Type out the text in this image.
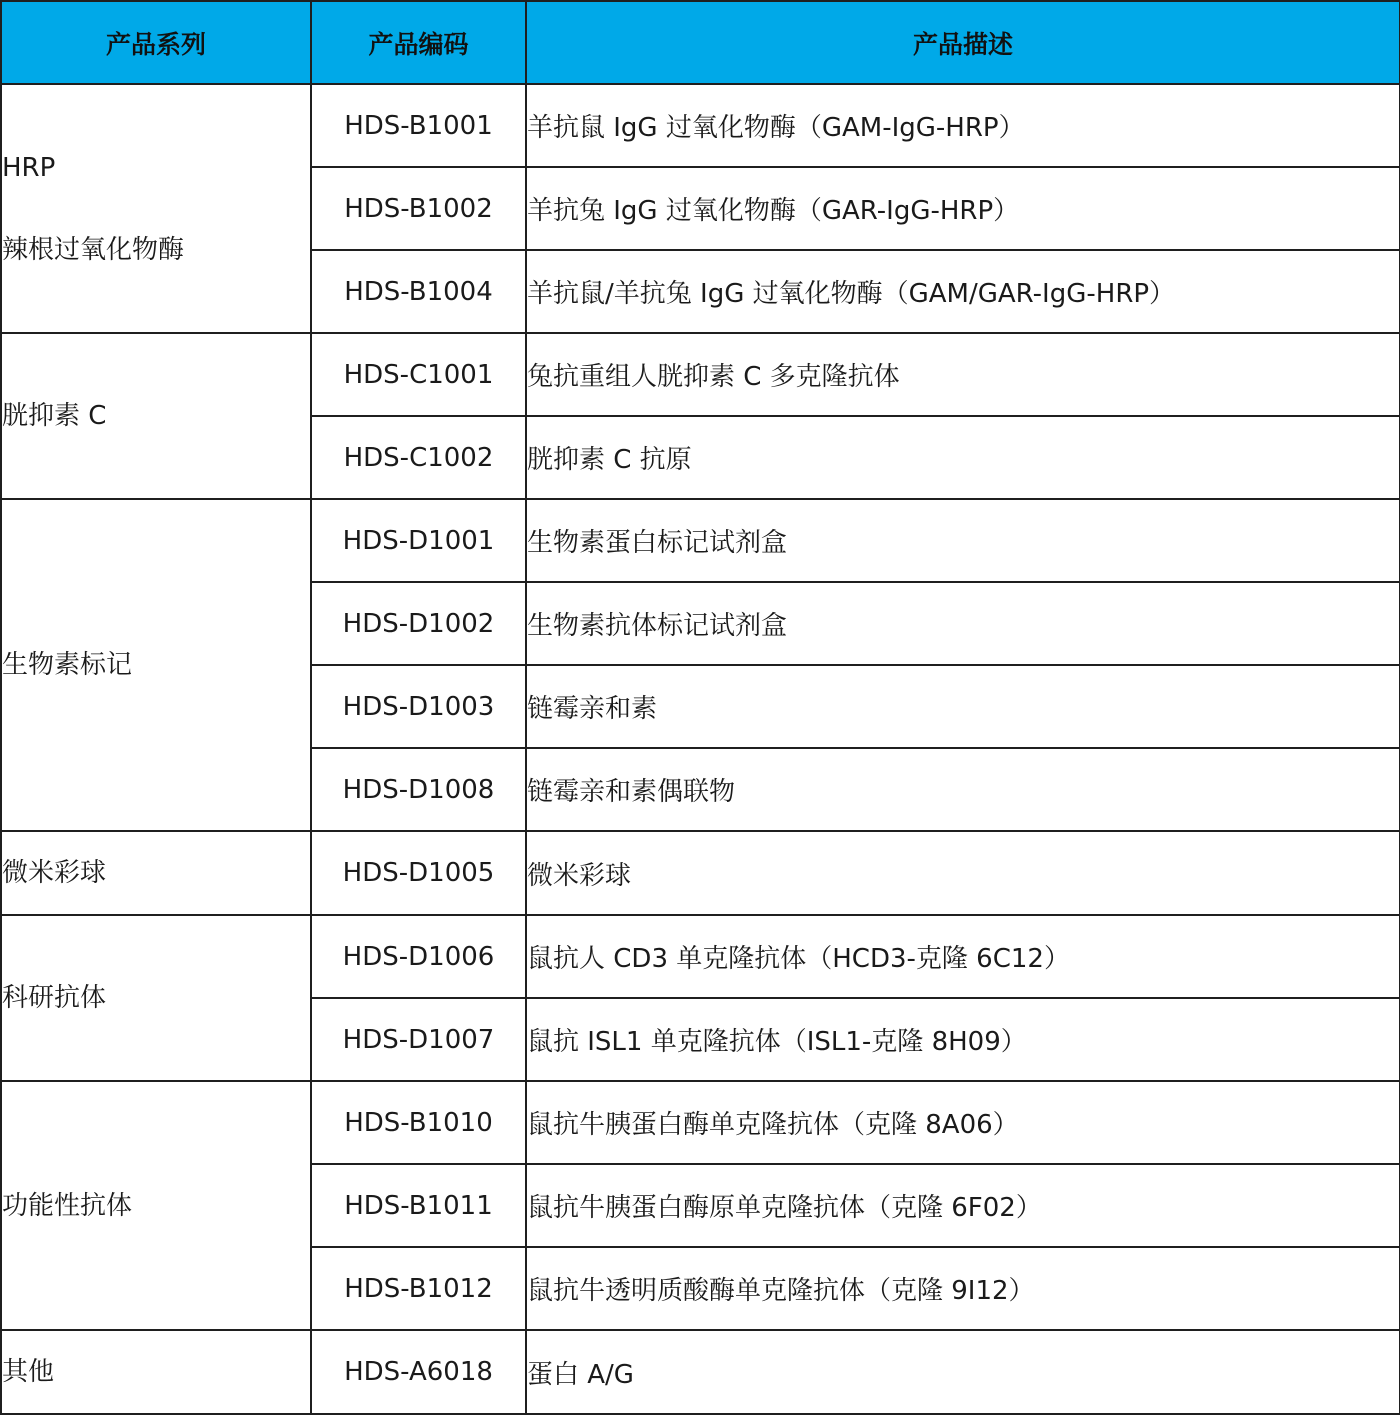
产品系列	产品编码	产品描述

HRP
辣根过氧化物酶	HDS-B1001	羊抗鼠 IgG 过氧化物酶（GAM-IgG-HRP）
	HDS-B1002	羊抗兔 IgG 过氧化物酶（GAR-IgG-HRP）
	HDS-B1004	羊抗鼠/羊抗兔 IgG 过氧化物酶（GAM/GAR-IgG-HRP）

胱抑素 C	HDS-C1001	兔抗重组人胱抑素 C 多克隆抗体
	HDS-C1002	胱抑素 C 抗原

生物素标记	HDS-D1001	生物素蛋白标记试剂盒
	HDS-D1002	生物素抗体标记试剂盒
	HDS-D1003	链霉亲和素
	HDS-D1008	链霉亲和素偶联物

微米彩球	HDS-D1005	微米彩球

科研抗体	HDS-D1006	鼠抗人 CD3 单克隆抗体（HCD3-克隆 6C12）
	HDS-D1007	鼠抗 ISL1 单克隆抗体（ISL1-克隆 8H09）

功能性抗体	HDS-B1010	鼠抗牛胰蛋白酶单克隆抗体（克隆 8A06）
	HDS-B1011	鼠抗牛胰蛋白酶原单克隆抗体（克隆 6F02）
	HDS-B1012	鼠抗牛透明质酸酶单克隆抗体（克隆 9I12）

其他	HDS-A6018	蛋白 A/G
